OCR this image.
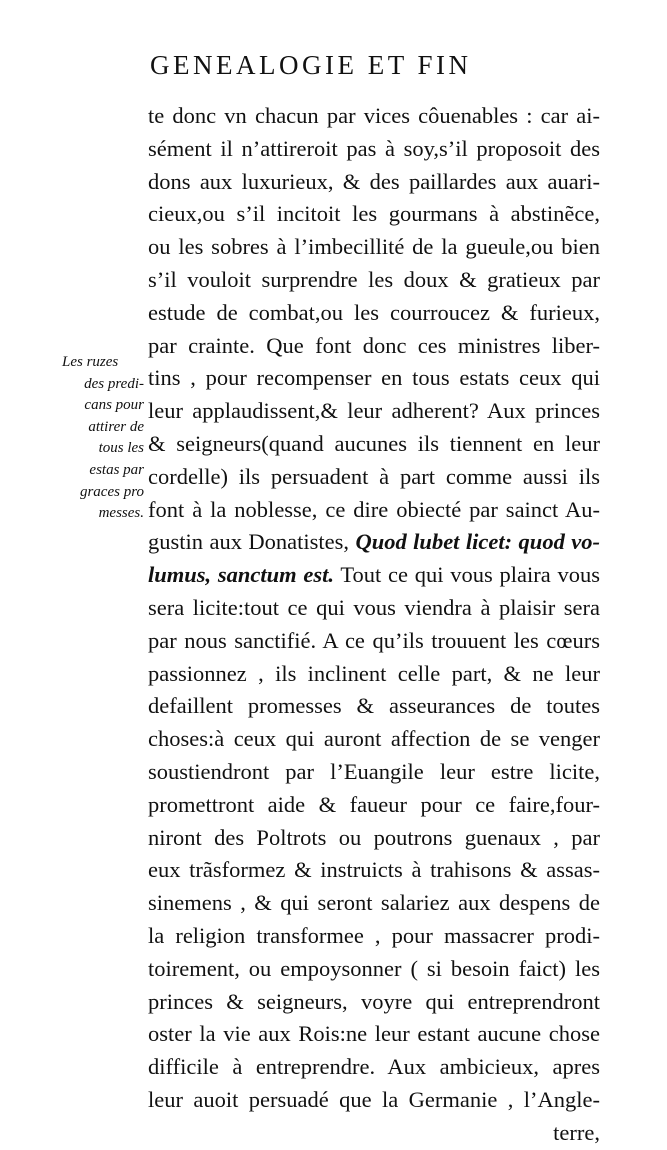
GENEALOGIE ET FIN
Les ruzes
des predi-
cans pour
attirer de
tous les
estas par
graces pro
messes.
te donc vn chacun par vices côuenables : car ai-
sément il n’attireroit pas à soy,s’il proposoit des
dons aux luxurieux, & des paillardes aux auari-
cieux,ou s’il incitoit les gourmans à abstinẽce,
ou les sobres à l’imbecillité de la gueule,ou bien
s’il vouloit surprendre les doux & gratieux par
estude de combat,ou les courroucez & furieux,
par crainte. Que font donc ces ministres liber-
tins , pour recompenser en tous estats ceux qui
leur applaudissent,& leur adherent? Aux princes
& seigneurs(quand aucunes ils tiennent en leur
cordelle) ils persuadent à part comme aussi ils
font à la noblesse, ce dire obiecté par sainct Au-
gustin aux Donatistes, Quod lubet licet: quod vo-
lumus, sanctum est. Tout ce qui vous plaira vous
sera licite:tout ce qui vous viendra à plaisir sera
par nous sanctifié. A ce qu’ils trouuent les cœurs
passionnez , ils inclinent celle part, & ne leur
defaillent promesses & asseurances de toutes
choses:à ceux qui auront affection de se venger
soustiendront par l’Euangile leur estre licite,
promettront aide & faueur pour ce faire,four-
niront des Poltrots ou poutrons guenaux , par
eux trãsformez & instruicts à trahisons & assas-
sinemens , & qui seront salariez aux despens de
la religion transformee , pour massacrer prodi-
toirement, ou empoysonner ( si besoin faict) les
princes & seigneurs, voyre qui entreprendront
oster la vie aux Rois:ne leur estant aucune chose
difficile à entreprendre. Aux ambicieux, apres
leur auoit persuadé que la Germanie , l’Angle-
terre,
